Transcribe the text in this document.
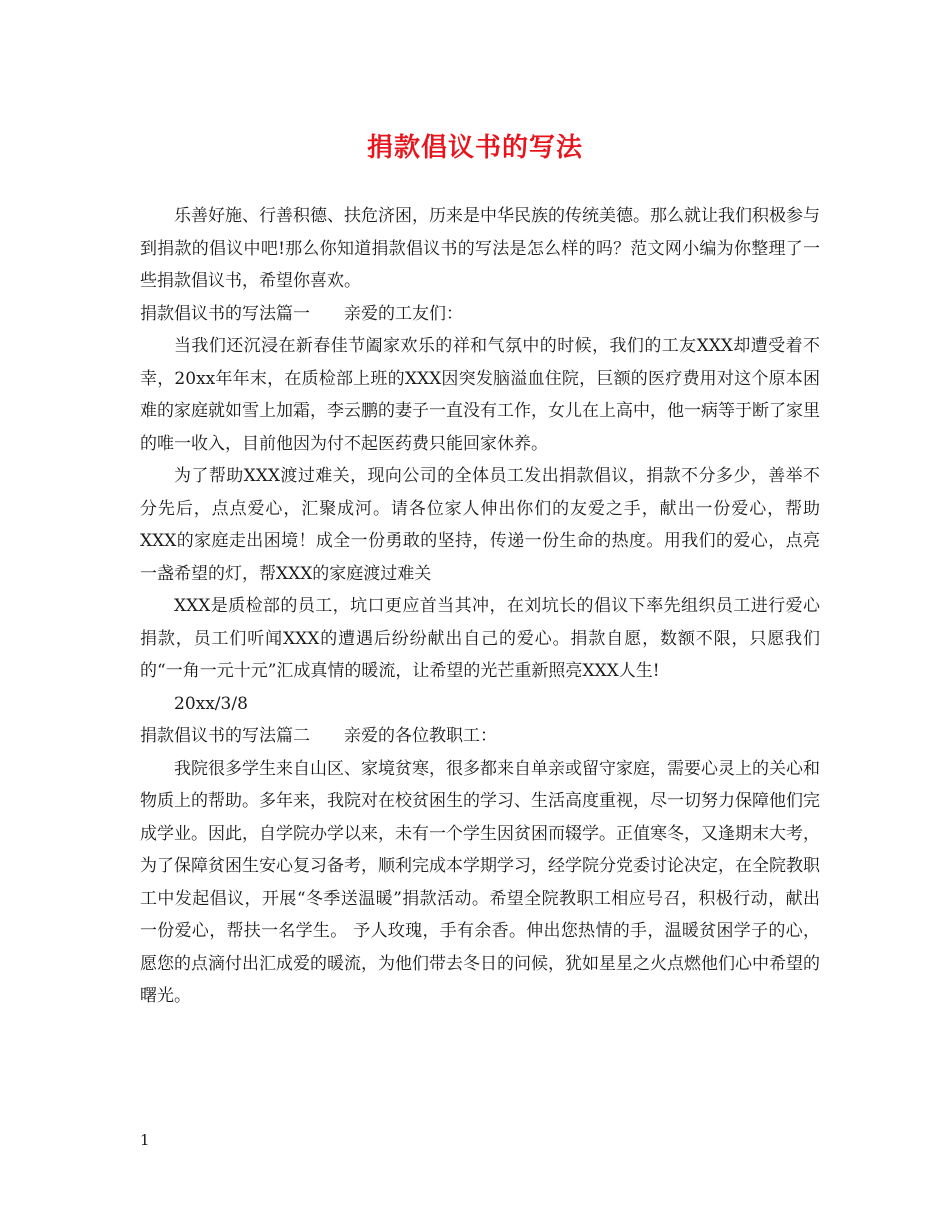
捐款倡议书的写法

乐善好施、行善积德、扶危济困，历来是中华民族的传统美德。那么就让我们积极参与到捐款的倡议中吧!那么你知道捐款倡议书的写法是怎么样的吗？范文网小编为你整理了一些捐款倡议书，希望你喜欢。

捐款倡议书的写法篇一　　亲爱的工友们：

当我们还沉浸在新春佳节阖家欢乐的祥和气氛中的时候，我们的工友XXX却遭受着不幸，20xx年年末，在质检部上班的XXX因突发脑溢血住院，巨额的医疗费用对这个原本困难的家庭就如雪上加霜，李云鹏的妻子一直没有工作，女儿在上高中，他一病等于断了家里的唯一收入，目前他因为付不起医药费只能回家休养。

为了帮助XXX渡过难关，现向公司的全体员工发出捐款倡议，捐款不分多少，善举不分先后，点点爱心，汇聚成河。请各位家人伸出你们的友爱之手，献出一份爱心，帮助XXX的家庭走出困境！成全一份勇敢的坚持，传递一份生命的热度。用我们的爱心，点亮一盏希望的灯，帮XXX的家庭渡过难关

XXX是质检部的员工，坑口更应首当其冲，在刘坑长的倡议下率先组织员工进行爱心捐款，员工们听闻XXX的遭遇后纷纷献出自己的爱心。捐款自愿，数额不限，只愿我们的“一角一元十元”汇成真情的暖流，让希望的光芒重新照亮XXX人生!

20xx/3/8

捐款倡议书的写法篇二　　亲爱的各位教职工：

我院很多学生来自山区、家境贫寒，很多都来自单亲或留守家庭，需要心灵上的关心和物质上的帮助。多年来，我院对在校贫困生的学习、生活高度重视，尽一切努力保障他们完成学业。因此，自学院办学以来，未有一个学生因贫困而辍学。正值寒冬，又逢期末大考，为了保障贫困生安心复习备考，顺利完成本学期学习，经学院分党委讨论决定，在全院教职工中发起倡议，开展“冬季送温暖”捐款活动。希望全院教职工相应号召，积极行动，献出一份爱心，帮扶一名学生。 予人玫瑰，手有余香。伸出您热情的手，温暖贫困学子的心，愿您的点滴付出汇成爱的暖流，为他们带去冬日的问候，犹如星星之火点燃他们心中希望的曙光。

1
